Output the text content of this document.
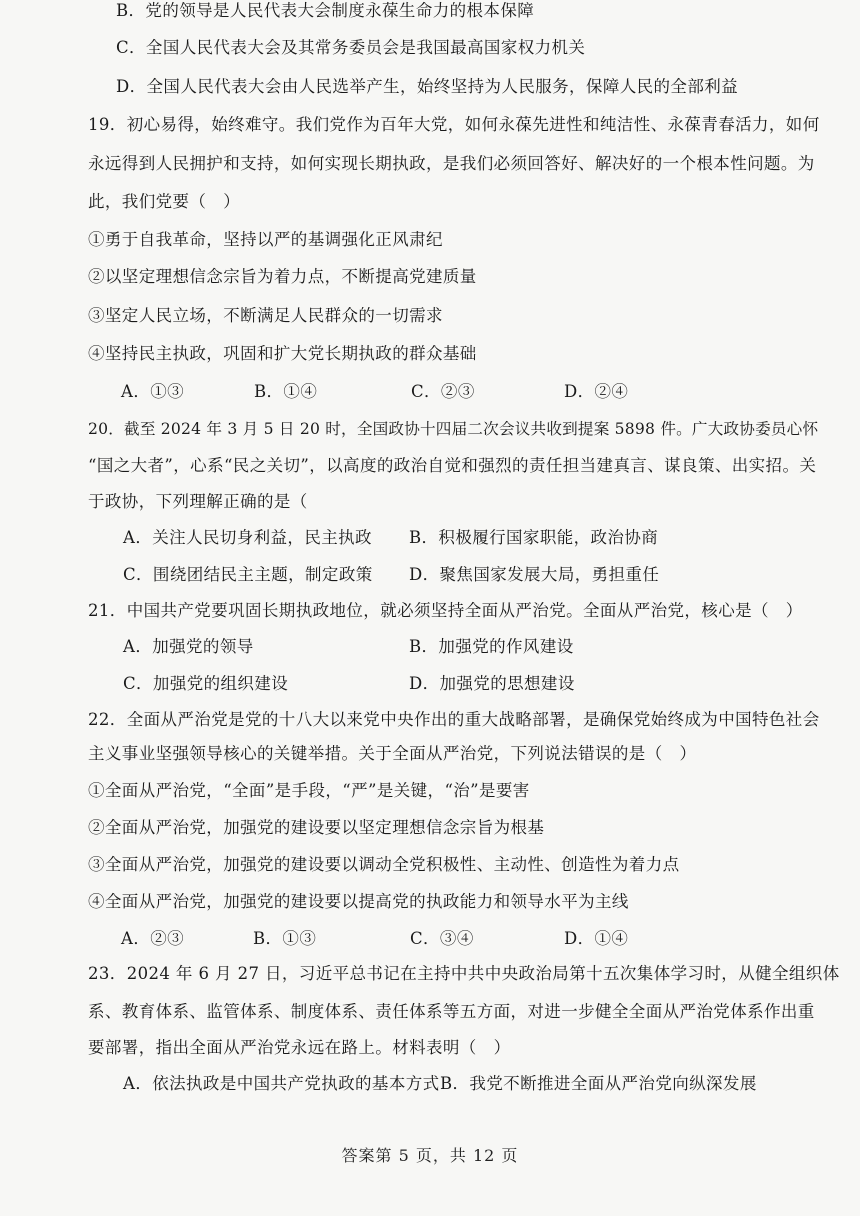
B．党的领导是人民代表大会制度永葆生命力的根本保障
C．全国人民代表大会及其常务委员会是我国最高国家权力机关
D．全国人民代表大会由人民选举产生，始终坚持为人民服务，保障人民的全部利益
19．初心易得，始终难守。我们党作为百年大党，如何永葆先进性和纯洁性、永葆青春活力，如何
永远得到人民拥护和支持，如何实现长期执政，是我们必须回答好、解决好的一个根本性问题。为
此，我们党要（　）
①勇于自我革命，坚持以严的基调强化正风肃纪
②以坚定理想信念宗旨为着力点，不断提高党建质量
③坚定人民立场，不断满足人民群众的一切需求
④坚持民主执政，巩固和扩大党长期执政的群众基础
A．①③	B．①④	C．②③	D．②④
20．截至 2024 年 3 月 5 日 20 时，全国政协十四届二次会议共收到提案 5898 件。广大政协委员心怀
“国之大者”，心系“民之关切”，以高度的政治自觉和强烈的责任担当建真言、谋良策、出实招。关
于政协，下列理解正确的是（
A．关注人民切身利益，民主执政 B．积极履行国家职能，政治协商
C．围绕团结民主主题，制定政策 D．聚焦国家发展大局，勇担重任
21．中国共产党要巩固长期执政地位，就必须坚持全面从严治党。全面从严治党，核心是（　）
A．加强党的领导	B．加强党的作风建设
C．加强党的组织建设	D．加强党的思想建设
22．全面从严治党是党的十八大以来党中央作出的重大战略部署，是确保党始终成为中国特色社会
主义事业坚强领导核心的关键举措。关于全面从严治党，下列说法错误的是（　）
①全面从严治党，“全面”是手段，“严”是关键，“治”是要害
②全面从严治党，加强党的建设要以坚定理想信念宗旨为根基
③全面从严治党，加强党的建设要以调动全党积极性、主动性、创造性为着力点
④全面从严治党，加强党的建设要以提高党的执政能力和领导水平为主线
A．②③	B．①③	C．③④	D．①④
23．2024 年 6 月 27 日，习近平总书记在主持中共中央政治局第十五次集体学习时，从健全组织体
系、教育体系、监管体系、制度体系、责任体系等五方面，对进一步健全全面从严治党体系作出重
要部署，指出全面从严治党永远在路上。材料表明（　）
A．依法执政是中国共产党执政的基本方式 B．我党不断推进全面从严治党向纵深发展
答案第 5 页，共 12 页
